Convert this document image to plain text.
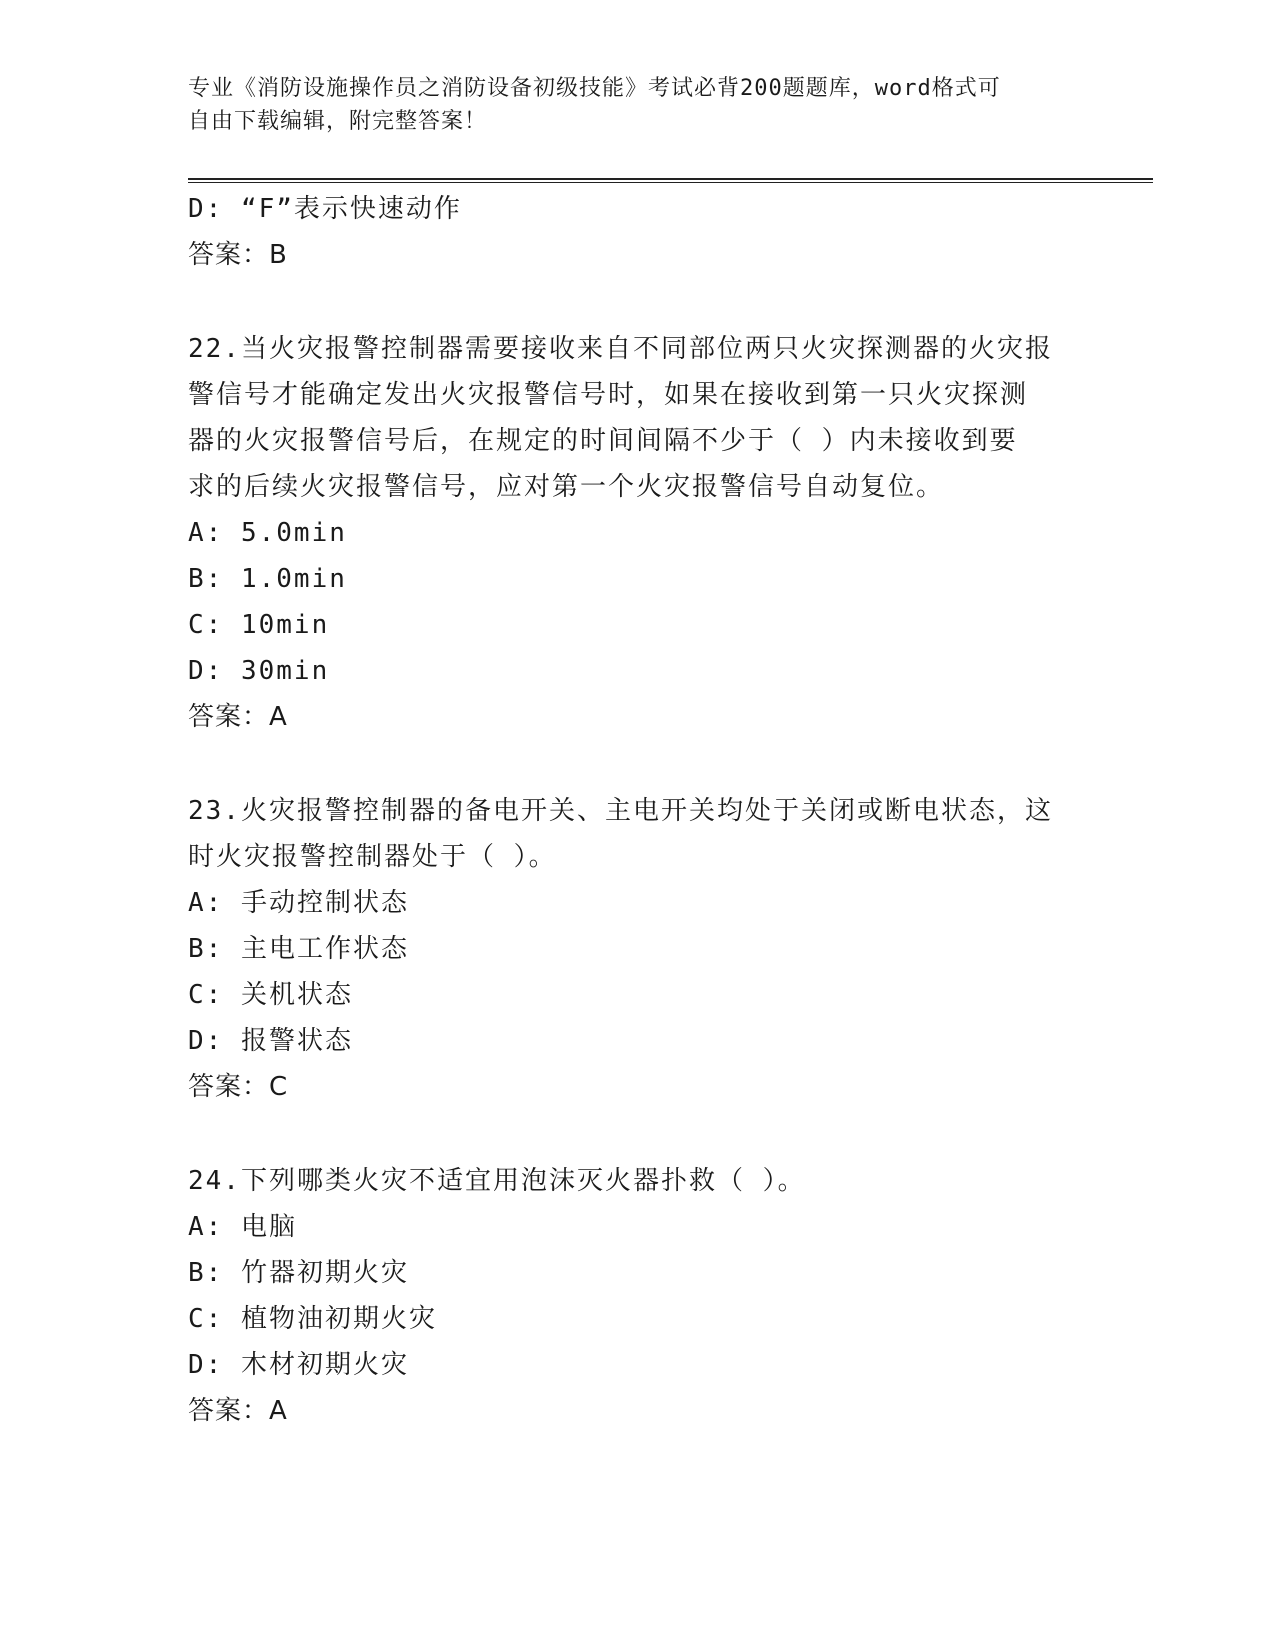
专业《消防设施操作员之消防设备初级技能》考试必背200题题库，word格式可
自由下载编辑，附完整答案！
D: “F”表示快速动作
答案：B
22.当火灾报警控制器需要接收来自不同部位两只火灾探测器的火灾报
警信号才能确定发出火灾报警信号时，如果在接收到第一只火灾探测
器的火灾报警信号后，在规定的时间间隔不少于（ ）内未接收到要
求的后续火灾报警信号，应对第一个火灾报警信号自动复位。
A: 5.0min
B: 1.0min
C: 10min
D: 30min
答案：A
23.火灾报警控制器的备电开关、主电开关均处于关闭或断电状态，这
时火灾报警控制器处于（ ）。
A: 手动控制状态
B: 主电工作状态
C: 关机状态
D: 报警状态
答案：C
24.下列哪类火灾不适宜用泡沫灭火器扑救（ ）。
A: 电脑
B: 竹器初期火灾
C: 植物油初期火灾
D: 木材初期火灾
答案：A
